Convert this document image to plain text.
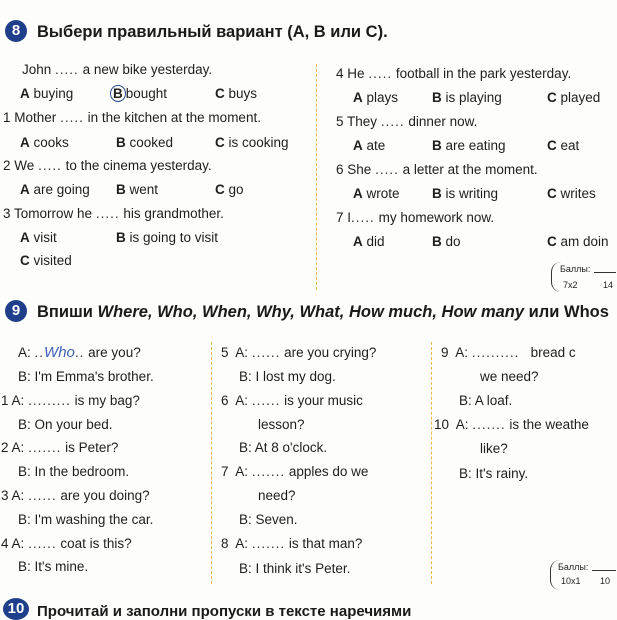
8	Выбери правильный вариант (A, B или C).
John ..... a new bike yesterday.
A buying	B bought	C buys
1 Mother ..... in the kitchen at the moment.
A cooks	B cooked	C is cooking
2 We ..... to the cinema yesterday.
A are going B went	C go
3 Tomorrow he ..... his grandmother.
A visit	B is going to visit
C visited
4 He ..... football in the park yesterday.
A plays	B is playing	C played
5 They ..... dinner now.
A ate	B are eating	C eat
6 She ..... a letter at the moment.
A wrote B is writing	C writes
7 I..... my homework now.
A did	B do	C am doin
Баллы:
7x2	14
9	Впиши Where, Who, When, Why, What, How much, How many или Whos
A: ..Who.. are you?
B: I'm Emma's brother.
1 A: ......... is my bag?
B: On your bed.
2 A: ....... is Peter?
B: In the bedroom.
3 A: ...... are you doing?
B: I'm washing the car.
4 A: ...... coat is this?
B: It's mine.
5 A: ...... are you crying?
B: I lost my dog.
6 A: ...... is your music
lesson?
B: At 8 o'clock.
7 A: ....... apples do we
need?
B: Seven.
8 A: ....... is that man?
B: I think it's Peter.
9 A: .......... bread c
we need?
B: A loaf.
10 A: ....... is the weathe
like?
B: It's rainy.
Баллы:
10x1 10
10 Прочитай и заполни пропуски в тексте наречиями
